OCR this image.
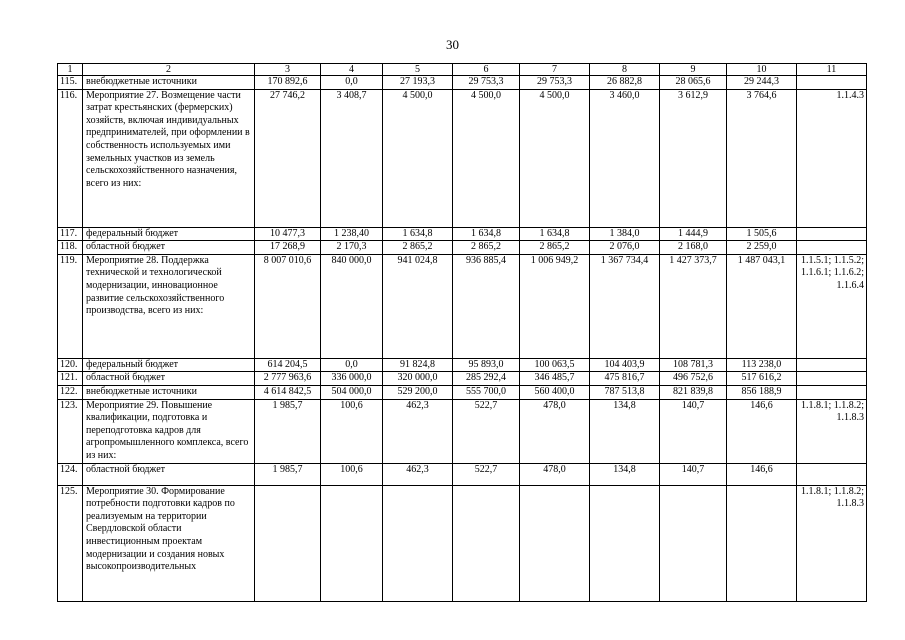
30
1	2	3	4	5	6	7	8	9	10	11
115.	внебюджетные источники	170 892,6	0,0	27 193,3	29 753,3	29 753,3	26 882,8	28 065,6	29 244,3	
116.	Мероприятие 27. Возмещение части затрат крестьянских (фермерских) хозяйств, включая индивидуальных предпринимателей, при оформлении в собственность используемых ими земельных участков из земель сельскохозяйственного назначения, всего из них:	27 746,2	3 408,7	4 500,0	4 500,0	4 500,0	3 460,0	3 612,9	3 764,6	1.1.4.3
117.	федеральный бюджет	10 477,3	1 238,40	1 634,8	1 634,8	1 634,8	1 384,0	1 444,9	1 505,6	
118.	областной бюджет	17 268,9	2 170,3	2 865,2	2 865,2	2 865,2	2 076,0	2 168,0	2 259,0	
119.	Мероприятие 28. Поддержка технической и технологической модернизации, инновационное развитие сельскохозяйственного производства, всего из них:	8 007 010,6	840 000,0	941 024,8	936 885,4	1 006 949,2	1 367 734,4	1 427 373,7	1 487 043,1	1.1.5.1; 1.1.5.2; 1.1.6.1; 1.1.6.2; 1.1.6.4
120.	федеральный бюджет	614 204,5	0,0	91 824,8	95 893,0	100 063,5	104 403,9	108 781,3	113 238,0	
121.	областной бюджет	2 777 963,6	336 000,0	320 000,0	285 292,4	346 485,7	475 816,7	496 752,6	517 616,2	
122.	внебюджетные источники	4 614 842,5	504 000,0	529 200,0	555 700,0	560 400,0	787 513,8	821 839,8	856 188,9	
123.	Мероприятие 29. Повышение квалификации, подготовка и переподготовка кадров для агропромышленного комплекса, всего из них:	1 985,7	100,6	462,3	522,7	478,0	134,8	140,7	146,6	1.1.8.1; 1.1.8.2; 1.1.8.3
124.	областной бюджет	1 985,7	100,6	462,3	522,7	478,0	134,8	140,7	146,6	
125.	Мероприятие 30. Формирование потребности подготовки кадров по реализуемым на территории Свердловской области инвестиционным проектам модернизации и создания новых высокопроизводительных									1.1.8.1; 1.1.8.2; 1.1.8.3
